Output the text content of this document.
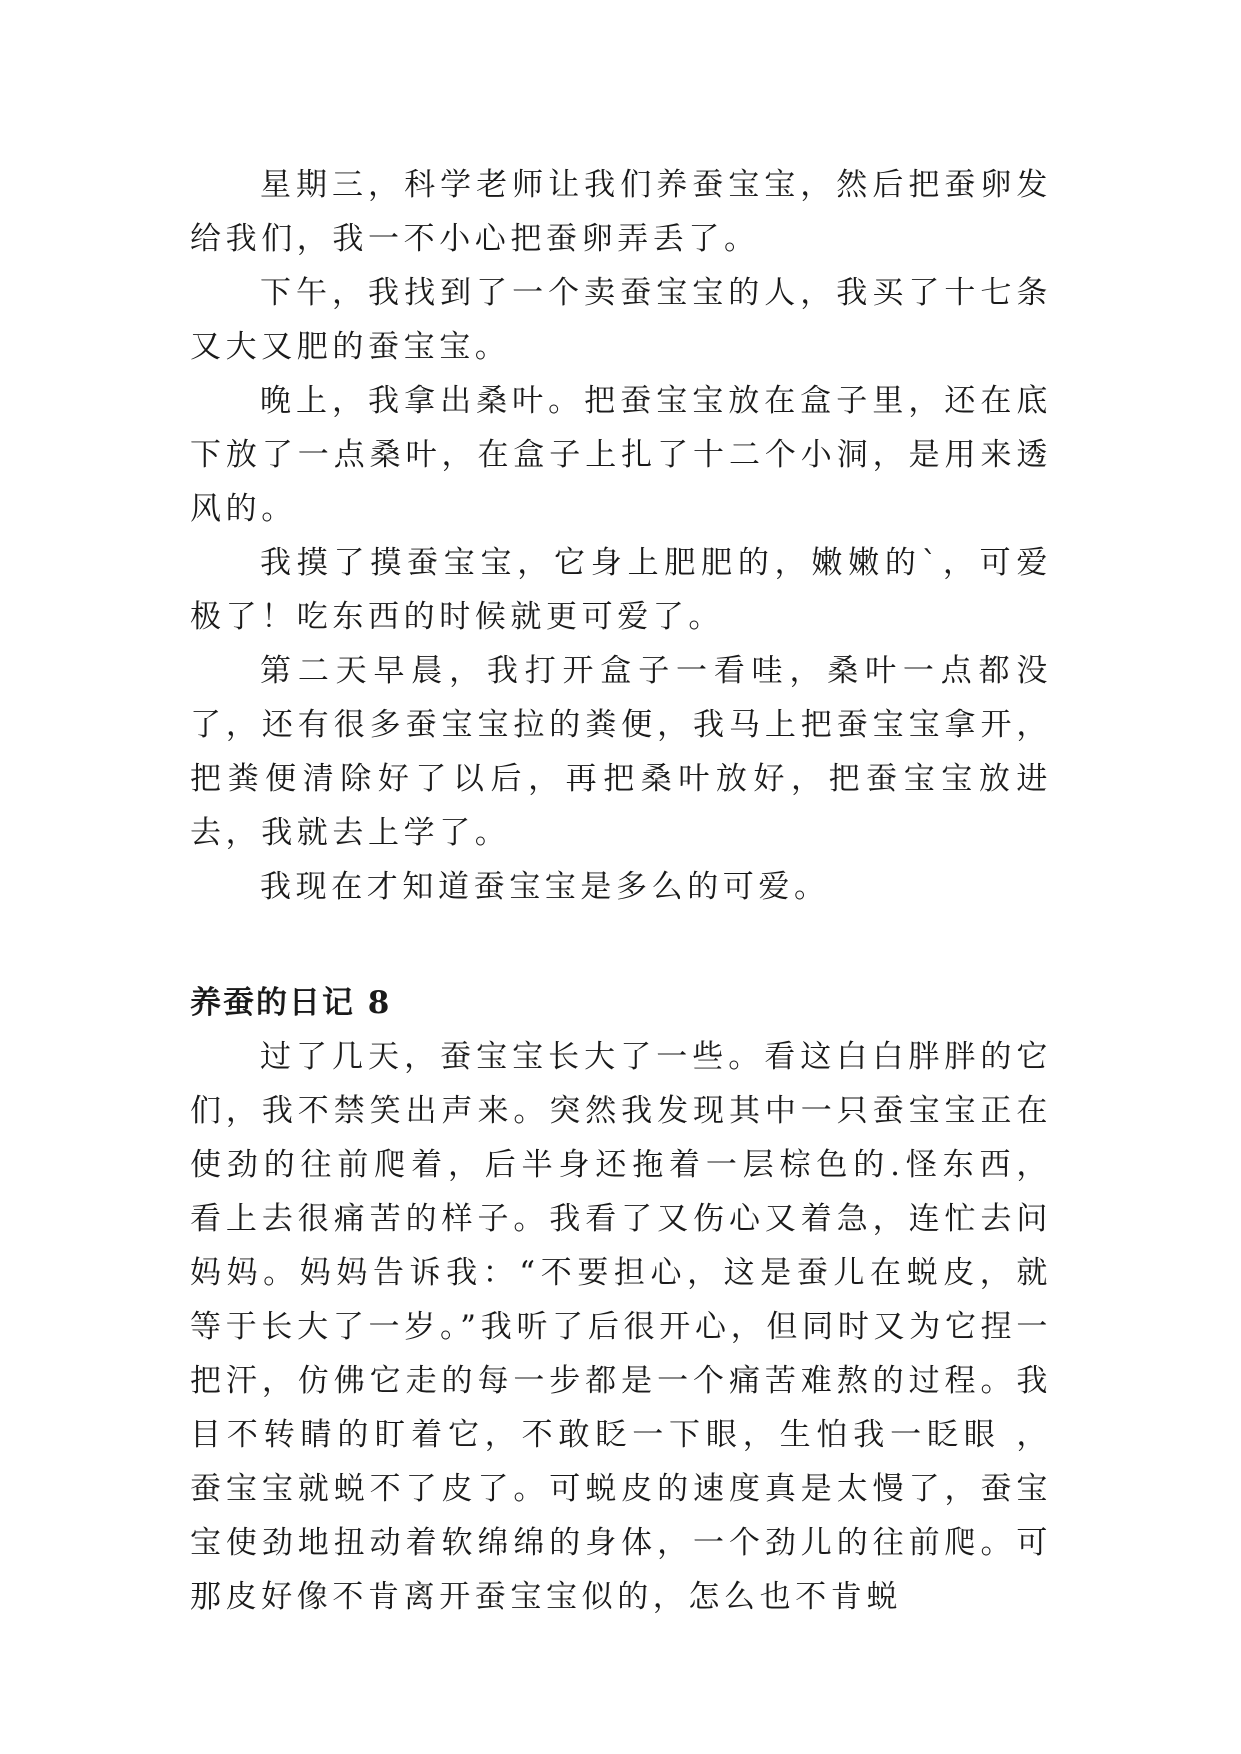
星期三，科学老师让我们养蚕宝宝，然后把蚕卵发给我们，我一不小心把蚕卵弄丢了。

下午，我找到了一个卖蚕宝宝的人，我买了十七条又大又肥的蚕宝宝。

晚上，我拿出桑叶。把蚕宝宝放在盒子里，还在底下放了一点桑叶，在盒子上扎了十二个小洞，是用来透风的。

我摸了摸蚕宝宝，它身上肥肥的，嫩嫩的`，可爱极了！吃东西的时候就更可爱了。

第二天早晨，我打开盒子一看哇，桑叶一点都没了，还有很多蚕宝宝拉的粪便，我马上把蚕宝宝拿开，把粪便清除好了以后，再把桑叶放好，把蚕宝宝放进去，我就去上学了。

我现在才知道蚕宝宝是多么的可爱。

养蚕的日记 8

过了几天，蚕宝宝长大了一些。看这白白胖胖的它们，我不禁笑出声来。突然我发现其中一只蚕宝宝正在使劲的往前爬着，后半身还拖着一层棕色的.怪东西，看上去很痛苦的样子。我看了又伤心又着急，连忙去问妈妈。妈妈告诉我：“不要担心，这是蚕儿在蜕皮，就等于长大了一岁。”我听了后很开心，但同时又为它捏一把汗，仿佛它走的每一步都是一个痛苦难熬的过程。我目不转睛的盯着它，不敢眨一下眼，生怕我一眨眼 ，蚕宝宝就蜕不了皮了。可蜕皮的速度真是太慢了，蚕宝宝使劲地扭动着软绵绵的身体，一个劲儿的往前爬。可那皮好像不肯离开蚕宝宝似的，怎么也不肯蜕
